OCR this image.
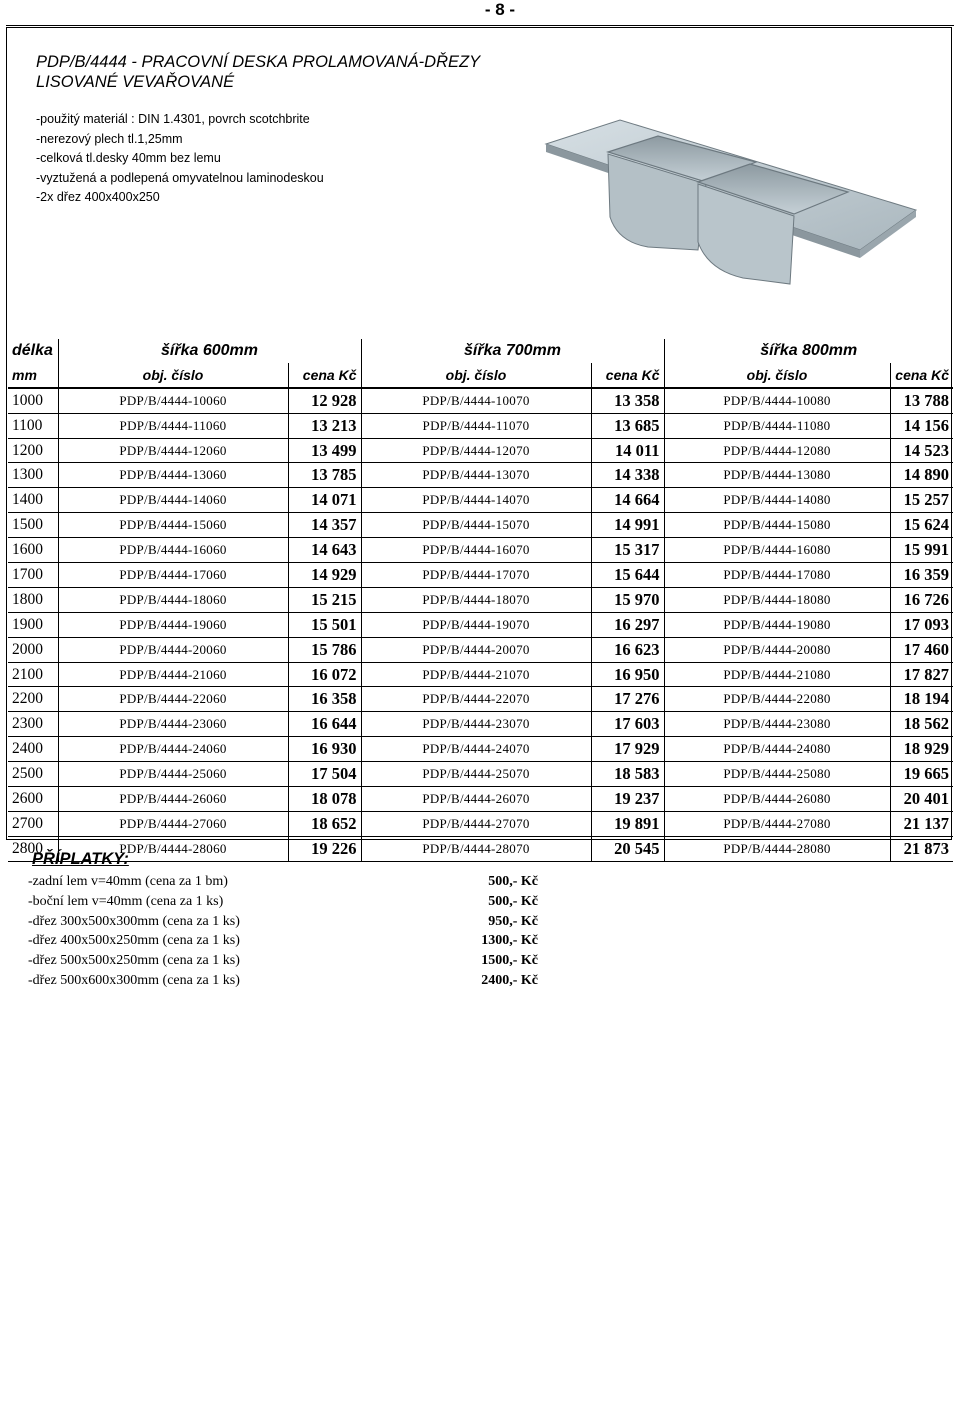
- 8 -
PDP/B/4444 - PRACOVNÍ DESKA PROLAMOVANÁ-DŘEZY
LISOVANÉ VEVAŘOVANÉ
-použitý materiál : DIN 1.4301, povrch scotchbrite
-nerezový plech tl.1,25mm
-celková tl.desky 40mm bez lemu
-vyztužená a podlepená omyvatelnou laminodeskou
-2x dřez 400x400x250
délka	šířka 600mm		šířka 700mm		šířka 800mm	
mm	obj. číslo	cena Kč	obj. číslo	cena Kč	obj. číslo	cena Kč
1000	PDP/B/4444-10060	12 928	PDP/B/4444-10070	13 358	PDP/B/4444-10080	13 788
1100	PDP/B/4444-11060	13 213	PDP/B/4444-11070	13 685	PDP/B/4444-11080	14 156
1200	PDP/B/4444-12060	13 499	PDP/B/4444-12070	14 011	PDP/B/4444-12080	14 523
1300	PDP/B/4444-13060	13 785	PDP/B/4444-13070	14 338	PDP/B/4444-13080	14 890
1400	PDP/B/4444-14060	14 071	PDP/B/4444-14070	14 664	PDP/B/4444-14080	15 257
1500	PDP/B/4444-15060	14 357	PDP/B/4444-15070	14 991	PDP/B/4444-15080	15 624
1600	PDP/B/4444-16060	14 643	PDP/B/4444-16070	15 317	PDP/B/4444-16080	15 991
1700	PDP/B/4444-17060	14 929	PDP/B/4444-17070	15 644	PDP/B/4444-17080	16 359
1800	PDP/B/4444-18060	15 215	PDP/B/4444-18070	15 970	PDP/B/4444-18080	16 726
1900	PDP/B/4444-19060	15 501	PDP/B/4444-19070	16 297	PDP/B/4444-19080	17 093
2000	PDP/B/4444-20060	15 786	PDP/B/4444-20070	16 623	PDP/B/4444-20080	17 460
2100	PDP/B/4444-21060	16 072	PDP/B/4444-21070	16 950	PDP/B/4444-21080	17 827
2200	PDP/B/4444-22060	16 358	PDP/B/4444-22070	17 276	PDP/B/4444-22080	18 194
2300	PDP/B/4444-23060	16 644	PDP/B/4444-23070	17 603	PDP/B/4444-23080	18 562
2400	PDP/B/4444-24060	16 930	PDP/B/4444-24070	17 929	PDP/B/4444-24080	18 929
2500	PDP/B/4444-25060	17 504	PDP/B/4444-25070	18 583	PDP/B/4444-25080	19 665
2600	PDP/B/4444-26060	18 078	PDP/B/4444-26070	19 237	PDP/B/4444-26080	20 401
2700	PDP/B/4444-27060	18 652	PDP/B/4444-27070	19 891	PDP/B/4444-27080	21 137
2800	PDP/B/4444-28060	19 226	PDP/B/4444-28070	20 545	PDP/B/4444-28080	21 873
PŘÍPLATKY:
-zadní lem v=40mm (cena za 1 bm)	500,- Kč
-boční lem v=40mm (cena za 1 ks)	500,- Kč
-dřez 300x500x300mm (cena za 1 ks)	950,- Kč
-dřez 400x500x250mm (cena za 1 ks)	1300,- Kč
-dřez 500x500x250mm (cena za 1 ks)	1500,- Kč
-dřez 500x600x300mm (cena za 1 ks)	2400,- Kč
